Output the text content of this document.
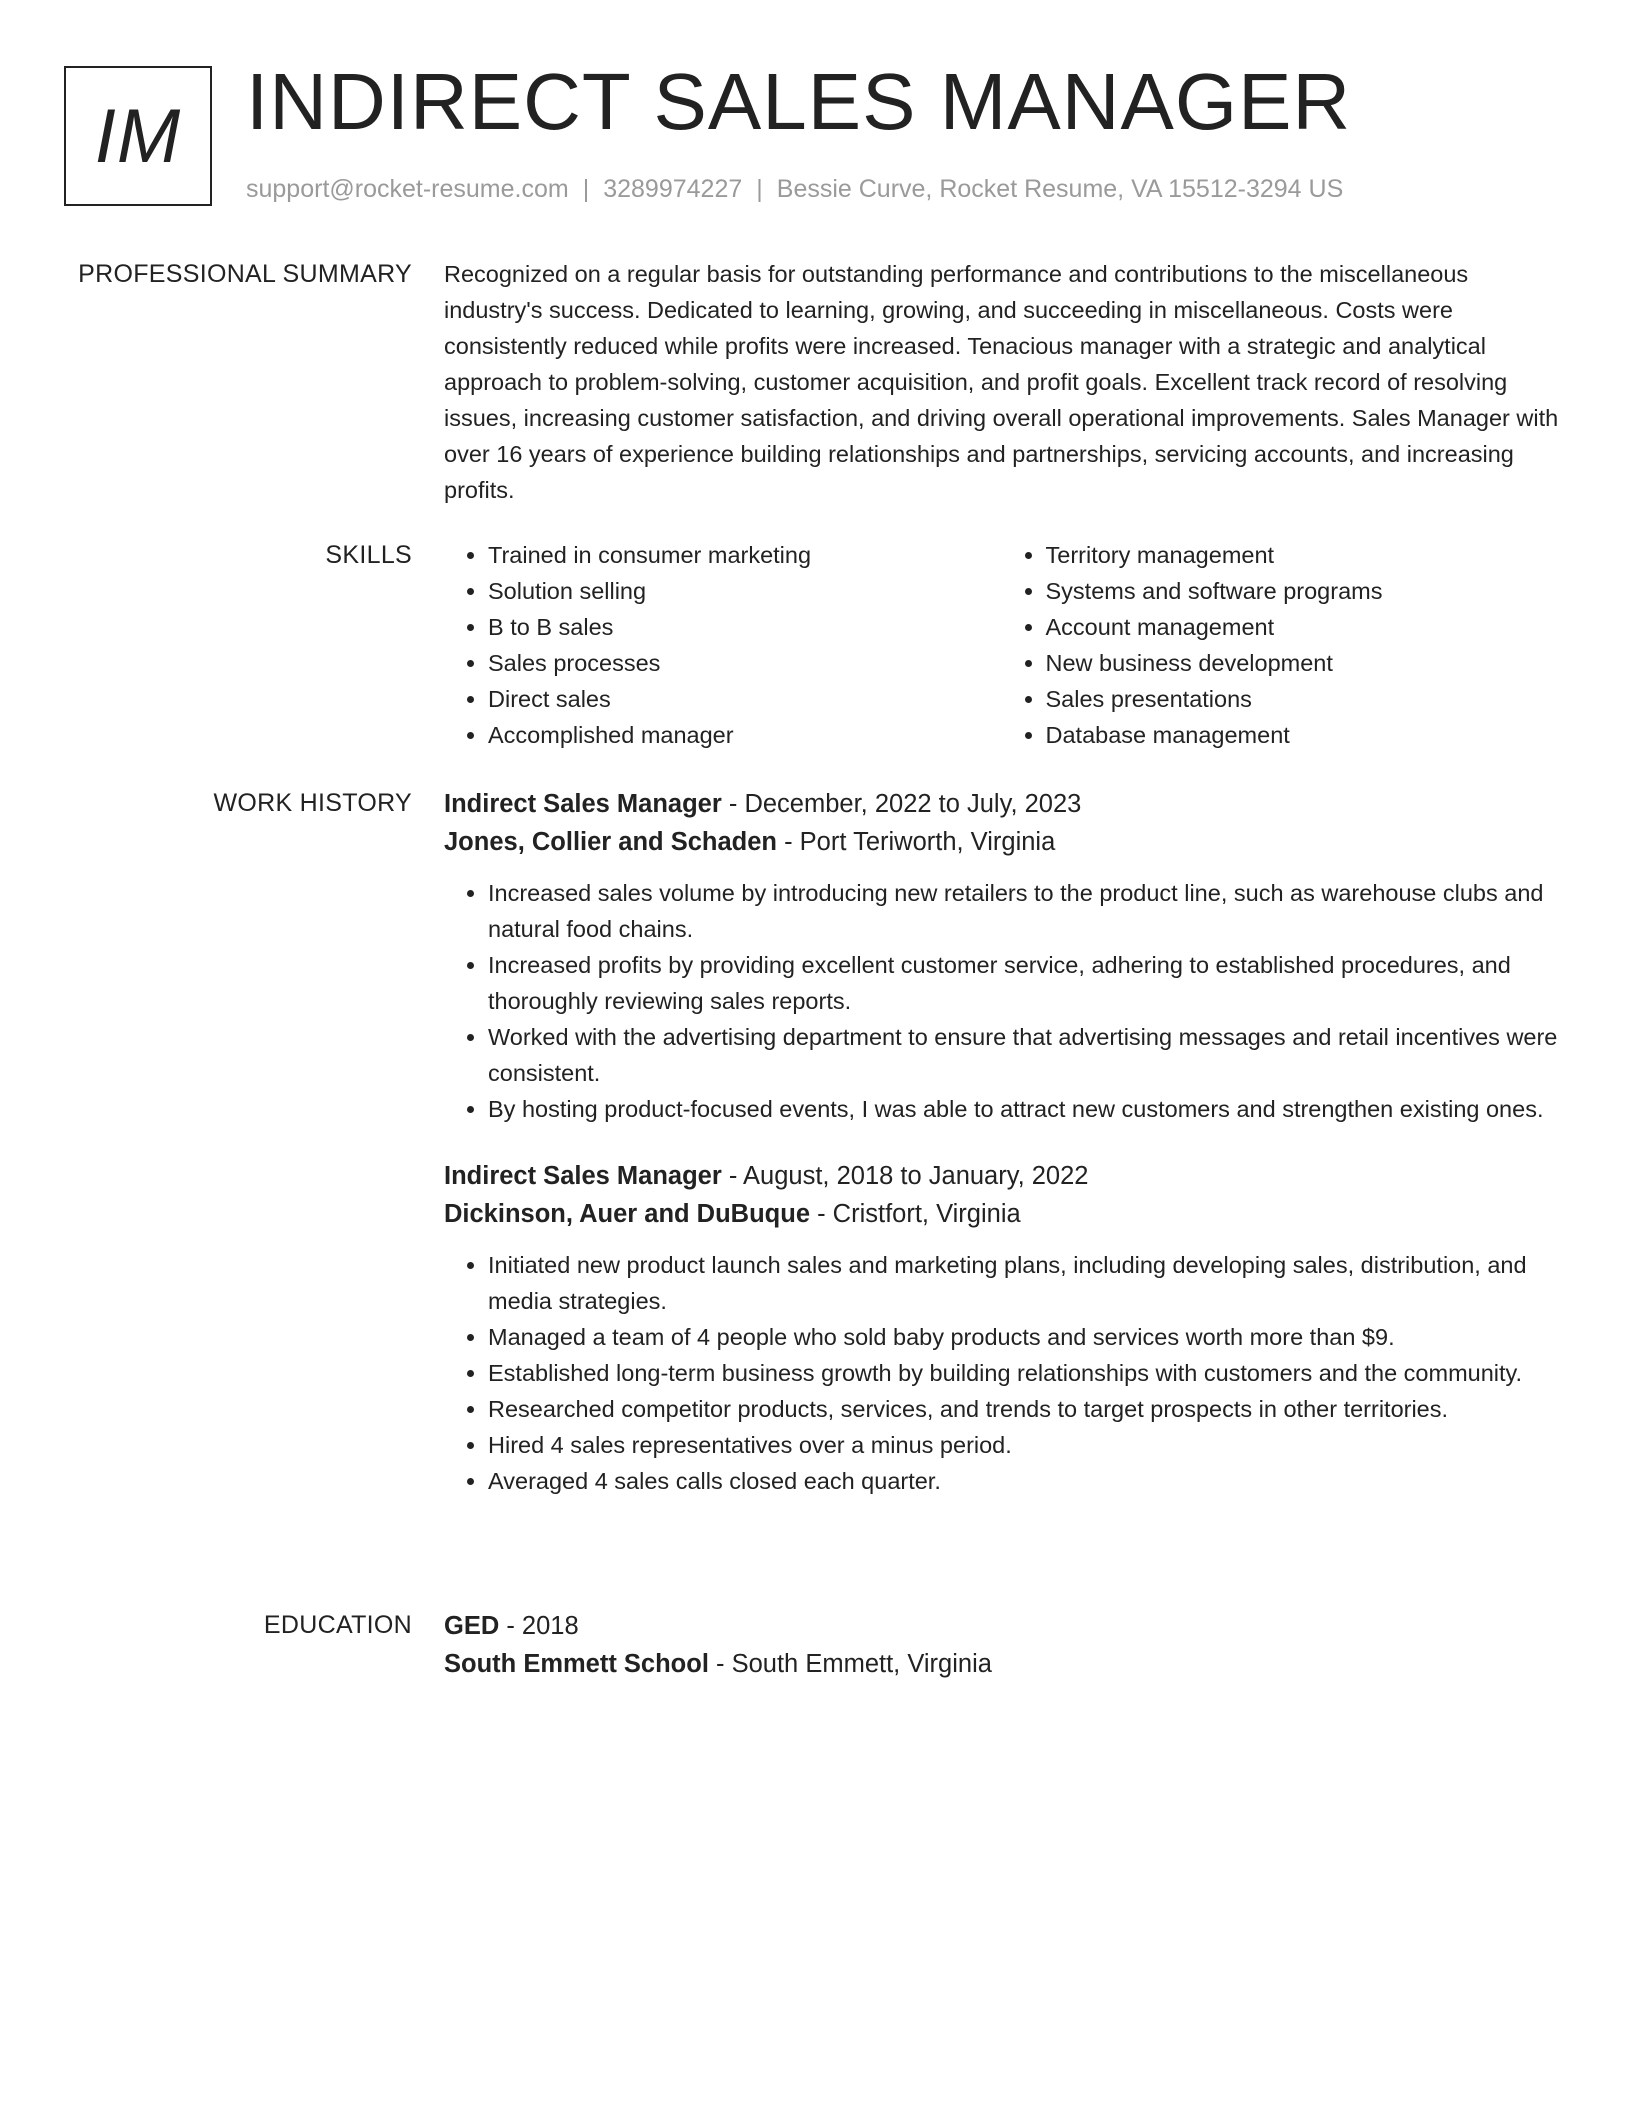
IM INDIRECT SALES MANAGER
support@rocket-resume.com | 3289974227 | Bessie Curve, Rocket Resume, VA 15512-3294 US
PROFESSIONAL SUMMARY Recognized on a regular basis for outstanding performance and contributions to the miscellaneous industry's success. Dedicated to learning, growing, and succeeding in miscellaneous. Costs were consistently reduced while profits were increased. Tenacious manager with a strategic and analytical approach to problem-solving, customer acquisition, and profit goals. Excellent track record of resolving issues, increasing customer satisfaction, and driving overall operational improvements. Sales Manager with over 16 years of experience building relationships and partnerships, servicing accounts, and increasing profits.
SKILLS
•	Trained in consumer marketing
• Solution selling
• B to B sales
• Sales processes
• Direct sales
• Accomplished manager
• Territory management
• Systems and software programs
• Account management
• New business development
• Sales presentations
• Database management
WORK HISTORY Indirect Sales Manager - December, 2022 to July, 2023
Jones, Collier and Schaden - Port Teriworth, Virginia
• Increased sales volume by introducing new retailers to the product line, such as warehouse clubs and natural food chains.
• Increased profits by providing excellent customer service, adhering to established procedures, and thoroughly reviewing sales reports.
• Worked with the advertising department to ensure that advertising messages and retail incentives were consistent.
• By hosting product-focused events, I was able to attract new customers and strengthen existing ones.
Indirect Sales Manager - August, 2018 to January, 2022
Dickinson, Auer and DuBuque - Cristfort, Virginia
• Initiated new product launch sales and marketing plans, including developing sales, distribution, and media strategies.
• Managed a team of 4 people who sold baby products and services worth more than $9.
• Established long-term business growth by building relationships with customers and the community.
• Researched competitor products, services, and trends to target prospects in other territories.
• Hired 4 sales representatives over a minus period.
• Averaged 4 sales calls closed each quarter.
EDUCATION GED - 2018
South Emmett School - South Emmett, Virginia
